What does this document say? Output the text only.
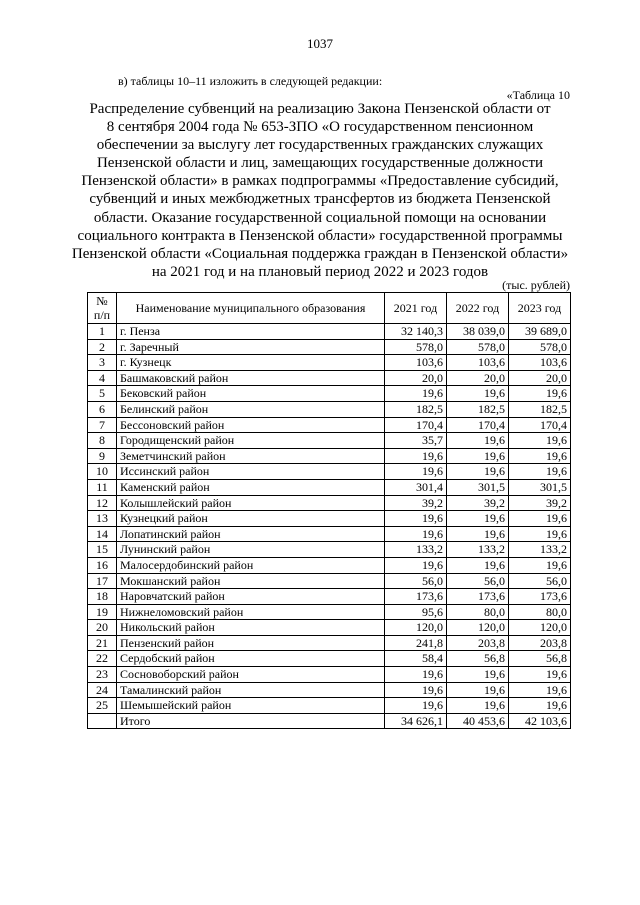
1037
в) таблицы 10–11 изложить в следующей редакции:
«Таблица 10
Распределение субвенций на реализацию Закона Пензенской области от
8 сентября 2004 года № 653-ЗПО «О государственном пенсионном
обеспечении за выслугу лет государственных гражданских служащих
Пензенской области и лиц, замещающих государственные должности
Пензенской области» в рамках подпрограммы «Предоставление субсидий,
субвенций и иных межбюджетных трансфертов из бюджета Пензенской
области. Оказание государственной социальной помощи на основании
социального контракта в Пензенской области» государственной программы
Пензенской области «Социальная поддержка граждан в Пензенской области»
на 2021 год и на плановый период 2022 и 2023 годов
(тыс. рублей)
№
п/п	Наименование муниципального образования	2021 год	2022 год	2023 год
1	г. Пенза	32 140,3	38 039,0	39 689,0
2	г. Заречный	578,0	578,0	578,0
3	г. Кузнецк	103,6	103,6	103,6
4	Башмаковский район	20,0	20,0	20,0
5	Бековский район	19,6	19,6	19,6
6	Белинский район	182,5	182,5	182,5
7	Бессоновский район	170,4	170,4	170,4
8	Городищенский район	35,7	19,6	19,6
9	Земетчинский район	19,6	19,6	19,6
10	Иссинский район	19,6	19,6	19,6
11	Каменский район	301,4	301,5	301,5
12	Колышлейский район	39,2	39,2	39,2
13	Кузнецкий район	19,6	19,6	19,6
14	Лопатинский район	19,6	19,6	19,6
15	Лунинский район	133,2	133,2	133,2
16	Малосердобинский район	19,6	19,6	19,6
17	Мокшанский район	56,0	56,0	56,0
18	Наровчатский район	173,6	173,6	173,6
19	Нижнеломовский район	95,6	80,0	80,0
20	Никольский район	120,0	120,0	120,0
21	Пензенский район	241,8	203,8	203,8
22	Сердобский район	58,4	56,8	56,8
23	Сосновоборский район	19,6	19,6	19,6
24	Тамалинский район	19,6	19,6	19,6
25	Шемышейский район	19,6	19,6	19,6
	Итого	34 626,1	40 453,6	42 103,6
